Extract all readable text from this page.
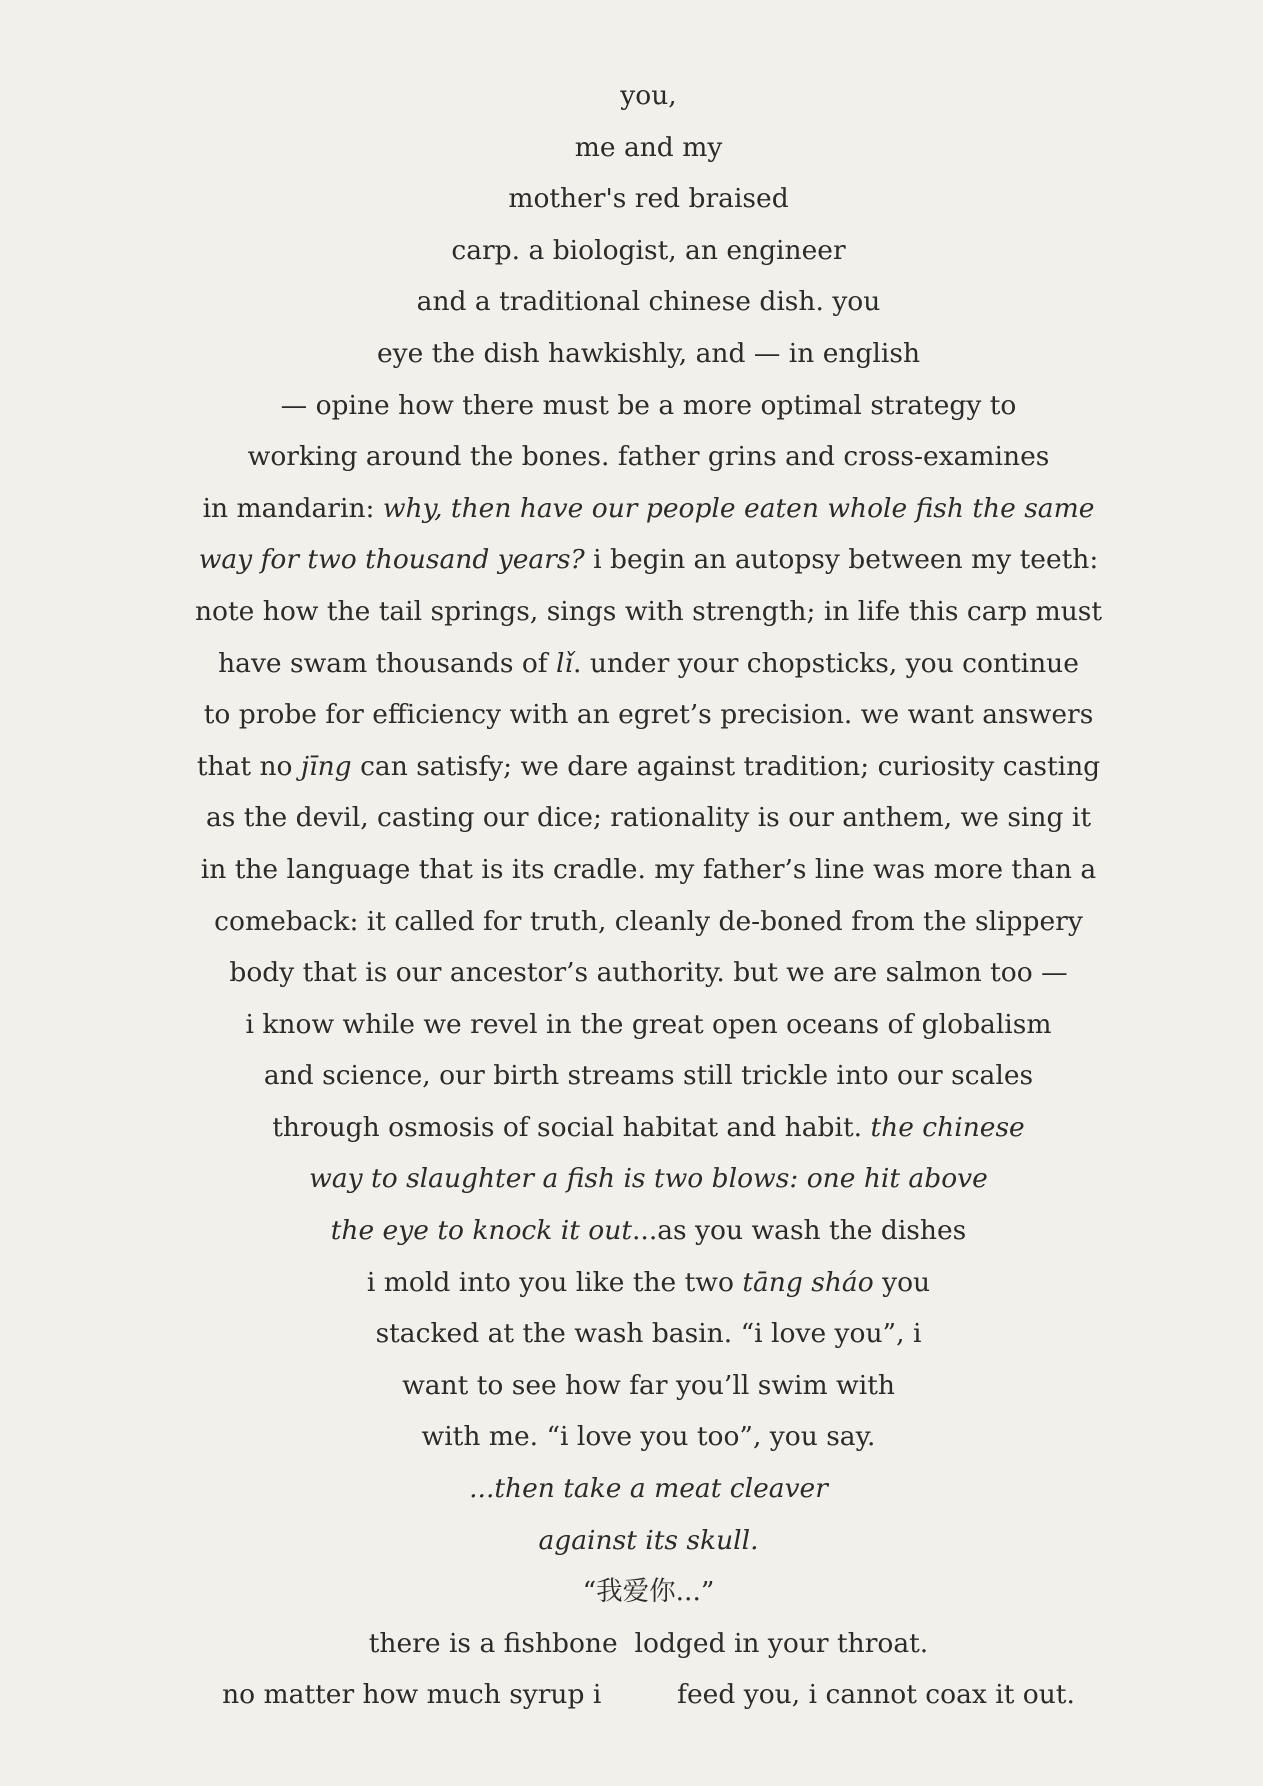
you,
me and my
mother's red braised
carp. a biologist, an engineer
and a traditional chinese dish. you
eye the dish hawkishly, and — in english
— opine how there must be a more optimal strategy to
working around the bones. father grins and cross-examines
in mandarin: why, then have our people eaten whole fish the same
way for two thousand years? i begin an autopsy between my teeth:
note how the tail springs, sings with strength; in life this carp must
have swam thousands of lǐ. under your chopsticks, you continue
to probe for efficiency with an egret’s precision. we want answers
that no jīng can satisfy; we dare against tradition; curiosity casting
as the devil, casting our dice; rationality is our anthem, we sing it
in the language that is its cradle. my father’s line was more than a
comeback: it called for truth, cleanly de-boned from the slippery
body that is our ancestor’s authority. but we are salmon too —
i know while we revel in the great open oceans of globalism
and science, our birth streams still trickle into our scales
through osmosis of social habitat and habit. the chinese
way to slaughter a fish is two blows: one hit above
the eye to knock it out...as you wash the dishes
i mold into you like the two tāng sháo you
stacked at the wash basin. “i love you”, i
want to see how far you’ll swim with
with me. “i love you too”, you say.
...then take a meat cleaver
against its skull.
“我爱你...”
there is a fishbone  lodged in your throat.
no matter how much syrup i         feed you, i cannot coax it out.
